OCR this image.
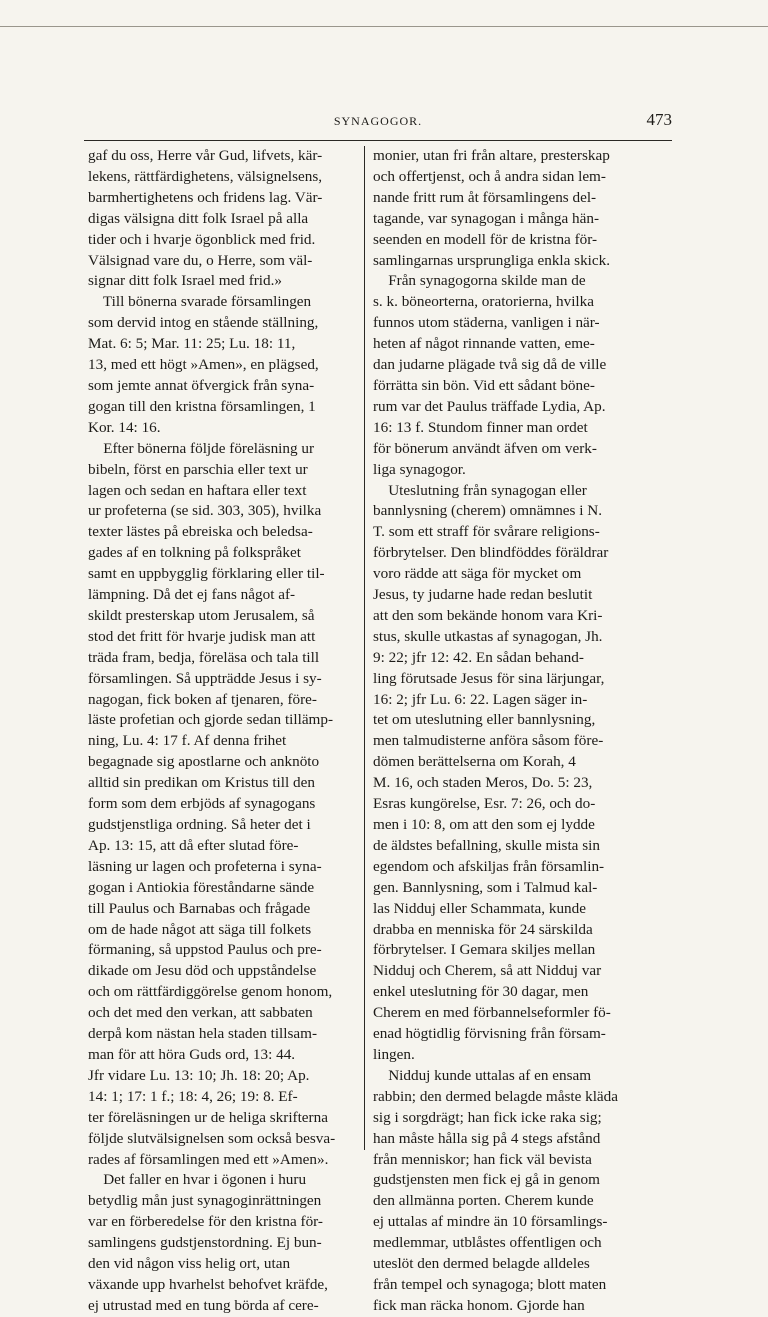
SYNAGOGOR.	473
gaf du oss, Herre vår Gud, lifvets, kär-
lekens, rättfärdighetens, välsignelsens,
barmhertighetens och fridens lag. Vär-
digas välsigna ditt folk Israel på alla
tider och i hvarje ögonblick med frid.
Välsignad vare du, o Herre, som väl-
signar ditt folk Israel med frid.»
Till bönerna svarade församlingen
som dervid intog en stående ställning,
Mat. 6: 5; Mar. 11: 25; Lu. 18: 11,
13, med ett högt »Amen», en plägsed,
som jemte annat öfvergick från syna-
gogan till den kristna församlingen, 1
Kor. 14: 16.
Efter bönerna följde föreläsning ur
bibeln, först en parschia eller text ur
lagen och sedan en haftara eller text
ur profeterna (se sid. 303, 305), hvilka
texter lästes på ebreiska och beledsa-
gades af en tolkning på folkspråket
samt en uppbygglig förklaring eller til-
lämpning. Då det ej fans något af-
skildt presterskap utom Jerusalem, så
stod det fritt för hvarje judisk man att
träda fram, bedja, föreläsa och tala till
församlingen. Så uppträdde Jesus i sy-
nagogan, fick boken af tjenaren, före-
läste profetian och gjorde sedan tillämp-
ning, Lu. 4: 17 f. Af denna frihet
begagnade sig apostlarne och anknöto
alltid sin predikan om Kristus till den
form som dem erbjöds af synagogans
gudstjenstliga ordning. Så heter det i
Ap. 13: 15, att då efter slutad före-
läsning ur lagen och profeterna i syna-
gogan i Antiokia föreståndarne sände
till Paulus och Barnabas och frågade
om de hade något att säga till folkets
förmaning, så uppstod Paulus och pre-
dikade om Jesu död och uppståndelse
och om rättfärdiggörelse genom honom,
och det med den verkan, att sabbaten
derpå kom nästan hela staden tillsam-
man för att höra Guds ord, 13: 44.
Jfr vidare Lu. 13: 10; Jh. 18: 20; Ap.
14: 1; 17: 1 f.; 18: 4, 26; 19: 8. Ef-
ter föreläsningen ur de heliga skrifterna
följde slutvälsignelsen som också besva-
rades af församlingen med ett »Amen».
Det faller en hvar i ögonen i huru
betydlig mån just synagoginrättningen
var en förberedelse för den kristna för-
samlingens gudstjenstordning. Ej bun-
den vid någon viss helig ort, utan
växande upp hvarhelst behofvet kräfde,
ej utrustad med en tung börda af cere-
monier, utan fri från altare, presterskap
och offertjenst, och å andra sidan lem-
nande fritt rum åt församlingens del-
tagande, var synagogan i många hän-
seenden en modell för de kristna för-
samlingarnas ursprungliga enkla skick.
Från synagogorna skilde man de
s. k. böneorterna, oratorierna, hvilka
funnos utom städerna, vanligen i när-
heten af något rinnande vatten, eme-
dan judarne plägade två sig då de ville
förrätta sin bön. Vid ett sådant böne-
rum var det Paulus träffade Lydia, Ap.
16: 13 f. Stundom finner man ordet
för bönerum användt äfven om verk-
liga synagogor.
Uteslutning från synagogan eller
bannlysning (cherem) omnämnes i N.
T. som ett straff för svårare religions-
förbrytelser. Den blindföddes föräldrar
voro rädde att säga för mycket om
Jesus, ty judarne hade redan beslutit
att den som bekände honom vara Kri-
stus, skulle utkastas af synagogan, Jh.
9: 22; jfr 12: 42. En sådan behand-
ling förutsade Jesus för sina lärjungar,
16: 2; jfr Lu. 6: 22. Lagen säger in-
tet om uteslutning eller bannlysning,
men talmudisterne anföra såsom före-
dömen berättelserna om Korah, 4
M. 16, och staden Meros, Do. 5: 23,
Esras kungörelse, Esr. 7: 26, och do-
men i 10: 8, om att den som ej lydde
de äldstes befallning, skulle mista sin
egendom och afskiljas från församlin-
gen. Bannlysning, som i Talmud kal-
las Nidduj eller Schammata, kunde
drabba en menniska för 24 särskilda
förbrytelser. I Gemara skiljes mellan
Nidduj och Cherem, så att Nidduj var
enkel uteslutning för 30 dagar, men
Cherem en med förbannelseformler fö-
enad högtidlig förvisning från försam-
lingen.
Nidduj kunde uttalas af en ensam
rabbin; den dermed belagde måste kläda
sig i sorgdrägt; han fick icke raka sig;
han måste hålla sig på 4 stegs afstånd
från menniskor; han fick väl bevista
gudstjensten men fick ej gå in genom
den allmänna porten. Cherem kunde
ej uttalas af mindre än 10 församlings-
medlemmar, utblåstes offentligen och
uteslöt den dermed belagde alldeles
från tempel och synagoga; blott maten
fick man räcka honom. Gjorde han
